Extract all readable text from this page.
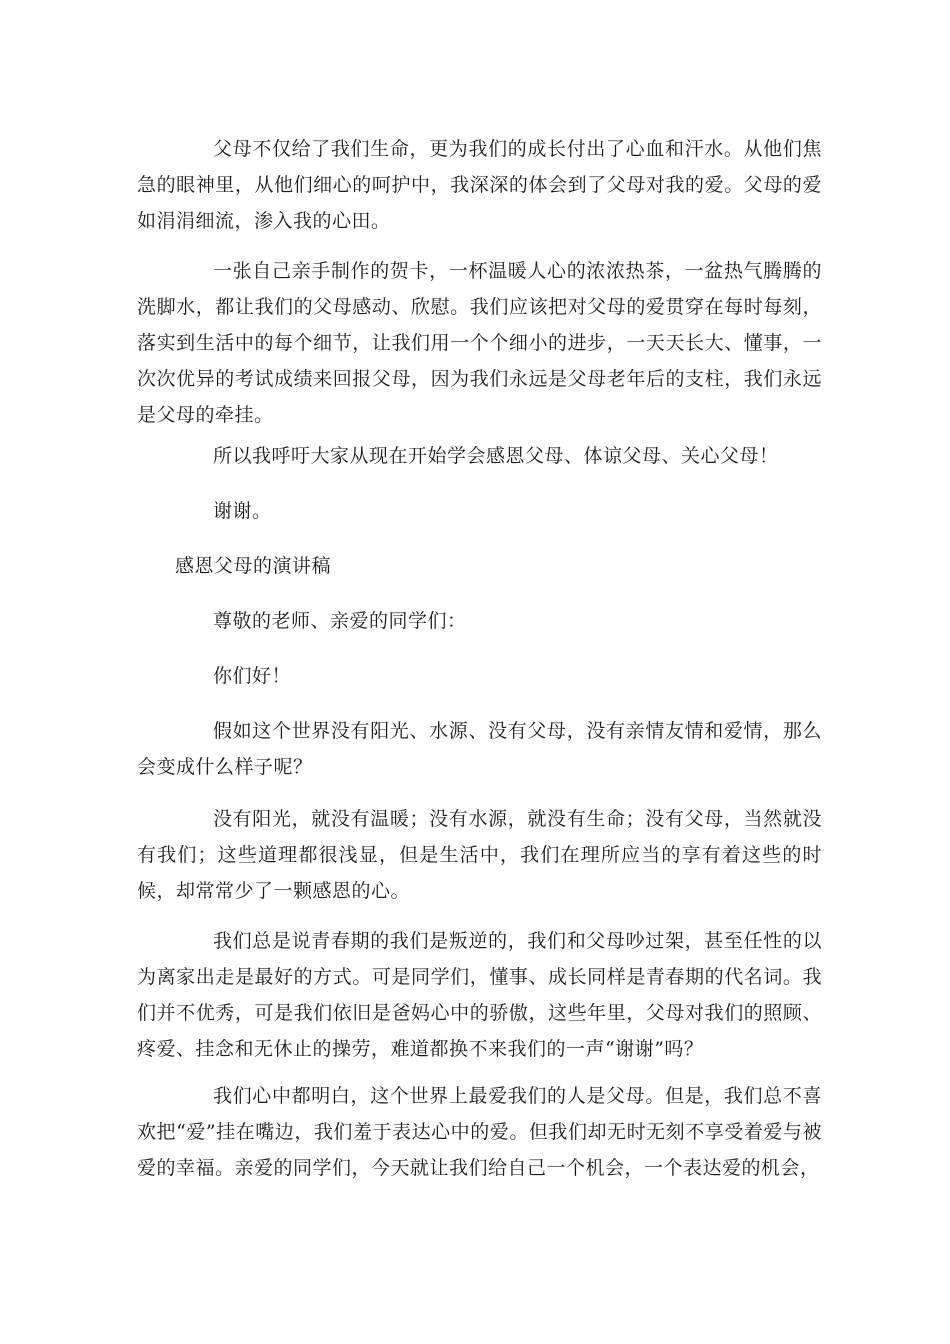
父母不仅给了我们生命，更为我们的成长付出了心血和汗水。从他们焦急的眼神里，从他们细心的呵护中，我深深的体会到了父母对我的爱。父母的爱如涓涓细流，渗入我的心田。

一张自己亲手制作的贺卡，一杯温暖人心的浓浓热茶，一盆热气腾腾的洗脚水，都让我们的父母感动、欣慰。我们应该把对父母的爱贯穿在每时每刻，落实到生活中的每个细节，让我们用一个个细小的进步，一天天长大、懂事，一次次优异的考试成绩来回报父母，因为我们永远是父母老年后的支柱，我们永远是父母的牵挂。

所以我呼吁大家从现在开始学会感恩父母、体谅父母、关心父母！

谢谢。

感恩父母的演讲稿

尊敬的老师、亲爱的同学们：

你们好！

假如这个世界没有阳光、水源、没有父母，没有亲情友情和爱情，那么会变成什么样子呢？

没有阳光，就没有温暖；没有水源，就没有生命；没有父母，当然就没有我们；这些道理都很浅显，但是生活中，我们在理所应当的享有着这些的时候，却常常少了一颗感恩的心。

我们总是说青春期的我们是叛逆的，我们和父母吵过架，甚至任性的以为离家出走是最好的方式。可是同学们，懂事、成长同样是青春期的代名词。我们并不优秀，可是我们依旧是爸妈心中的骄傲，这些年里，父母对我们的照顾、疼爱、挂念和无休止的操劳，难道都换不来我们的一声“谢谢”吗？

我们心中都明白，这个世界上最爱我们的人是父母。但是，我们总不喜欢把“爱”挂在嘴边，我们羞于表达心中的爱。但我们却无时无刻不享受着爱与被爱的幸福。亲爱的同学们，今天就让我们给自己一个机会，一个表达爱的机会，
